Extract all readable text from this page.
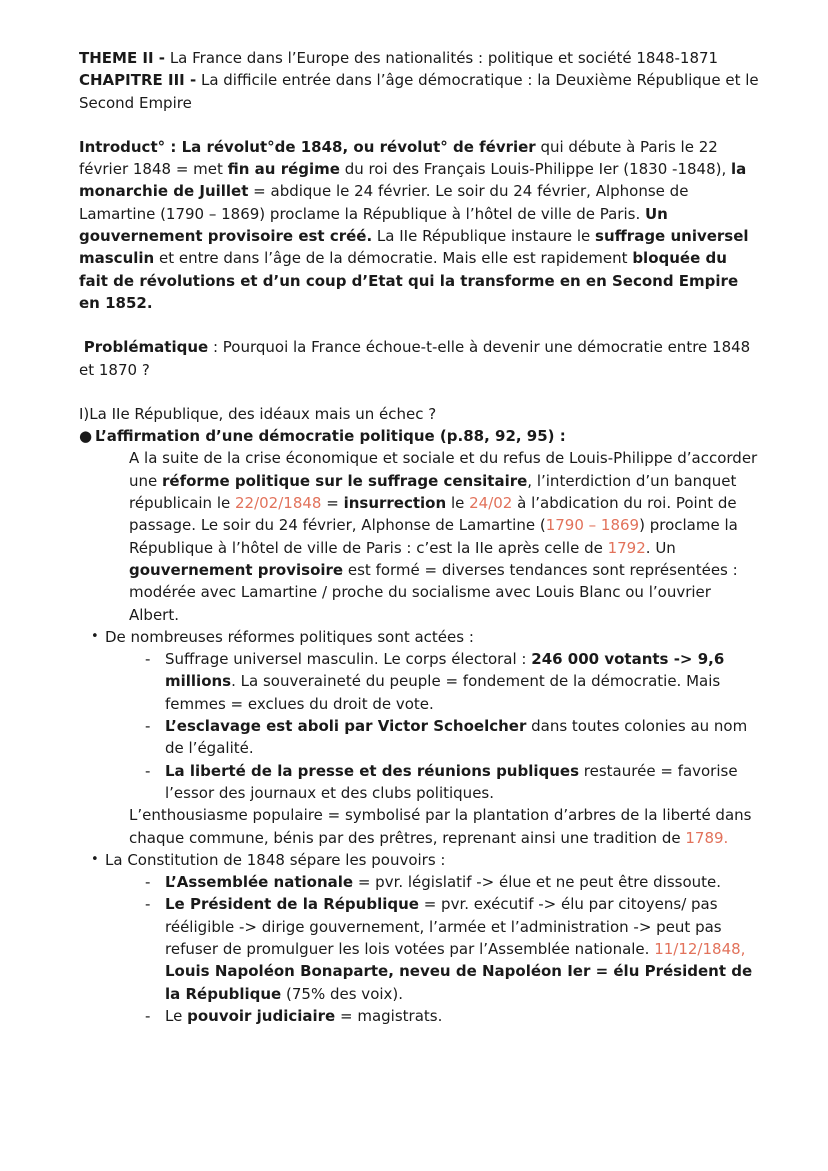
THEME II - La France dans l’Europe des nationalités : politique et société 1848-1871

CHAPITRE III - La difficile entrée dans l’âge démocratique : la Deuxième République et le Second Empire

Introduct° : La révolut°de 1848, ou révolut° de février qui débute à Paris le 22 février 1848 = met fin au régime du roi des Français Louis-Philippe Ier (1830 -1848), la monarchie de Juillet = abdique le 24 février. Le soir du 24 février, Alphonse de Lamartine (1790 – 1869) proclame la République à l’hôtel de ville de Paris. Un gouvernement provisoire est créé. La IIe République instaure le suffrage universel masculin et entre dans l’âge de la démocratie. Mais elle est rapidement bloquée du fait de révolutions et d’un coup d’Etat qui la transforme en en Second Empire en 1852.

Problématique : Pourquoi la France échoue-t-elle à devenir une démocratie entre 1848 et 1870 ?

I)La IIe République, des idéaux mais un échec ?

● L’affirmation d’une démocratie politique (p.88, 92, 95) :

A la suite de la crise économique et sociale et du refus de Louis-Philippe d’accorder une réforme politique sur le suffrage censitaire, l’interdiction d’un banquet républicain le 22/02/1848 = insurrection le 24/02 à l’abdication du roi. Point de passage. Le soir du 24 février, Alphonse de Lamartine (1790 – 1869) proclame la République à l’hôtel de ville de Paris : c’est la IIe après celle de 1792. Un gouvernement provisoire est formé = diverses tendances sont représentées : modérée avec Lamartine / proche du socialisme avec Louis Blanc ou l’ouvrier Albert.

• De nombreuses réformes politiques sont actées :

- Suffrage universel masculin. Le corps électoral : 246 000 votants -> 9,6 millions. La souveraineté du peuple = fondement de la démocratie. Mais femmes = exclues du droit de vote.

- L’esclavage est aboli par Victor Schoelcher dans toutes colonies au nom de l’égalité.

- La liberté de la presse et des réunions publiques restaurée = favorise l’essor des journaux et des clubs politiques.

L’enthousiasme populaire = symbolisé par la plantation d’arbres de la liberté dans chaque commune, bénis par des prêtres, reprenant ainsi une tradition de 1789.

• La Constitution de 1848 sépare les pouvoirs :

- L’Assemblée nationale = pvr. législatif -> élue et ne peut être dissoute.

- Le Président de la République = pvr. exécutif -> élu par citoyens/ pas rééligible -> dirige gouvernement, l’armée et l’administration -> peut pas refuser de promulguer les lois votées par l’Assemblée nationale. 11/12/1848, Louis Napoléon Bonaparte, neveu de Napoléon Ier = élu Président de la République (75% des voix).

- Le pouvoir judiciaire = magistrats.
